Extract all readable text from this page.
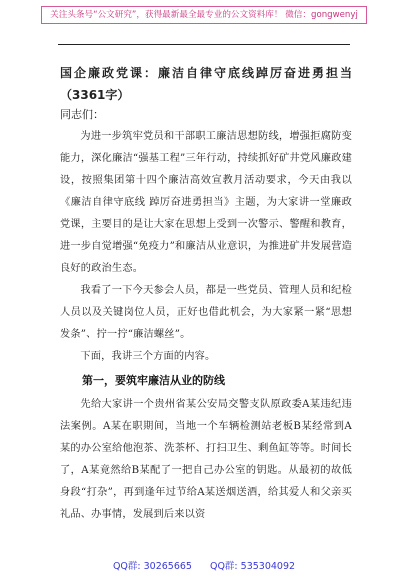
关注头条号“公文研究”，获得最新最全最专业的公文资料库！ 微信：gongwenyj
国企廉政党课：廉洁自律守底线踔厉奋进勇担当（3361字）
同志们：

为进一步筑牢党员和干部职工廉洁思想防线，增强拒腐防变能力，深化廉洁“强基工程”三年行动，持续抓好矿井党风廉政建设，按照集团第十四个廉洁高效宣教月活动要求，今天由我以《廉洁自律守底线 踔厉奋进勇担当》主题，为大家讲一堂廉政党课，主要目的是让大家在思想上受到一次警示、警醒和教育，进一步自觉增强“免疫力”和廉洁从业意识，为推进矿井发展营造良好的政治生态。

我看了一下今天参会人员，都是一些党员、管理人员和纪检人员以及关键岗位人员，正好也借此机会，为大家紧一紧“思想发条”、拧一拧“廉洁螺丝”。

下面，我讲三个方面的内容。

第一，要筑牢廉洁从业的防线

先给大家讲一个贵州省某公安局交警支队原政委A某违纪违法案例。A某在职期间，当地一个车辆检测站老板B某经常到A某的办公室给他泡茶、洗茶杯、打扫卫生、剩鱼缸等等。时间长了，A某竟然给B某配了一把自己办公室的钥匙。从最初的故低身段“打杂”，再到逢年过节给A某送烟送酒，给其爱人和父亲买礼品、办事情，发展到后来以资

QQ群: 30265665 QQ群: 535304092
